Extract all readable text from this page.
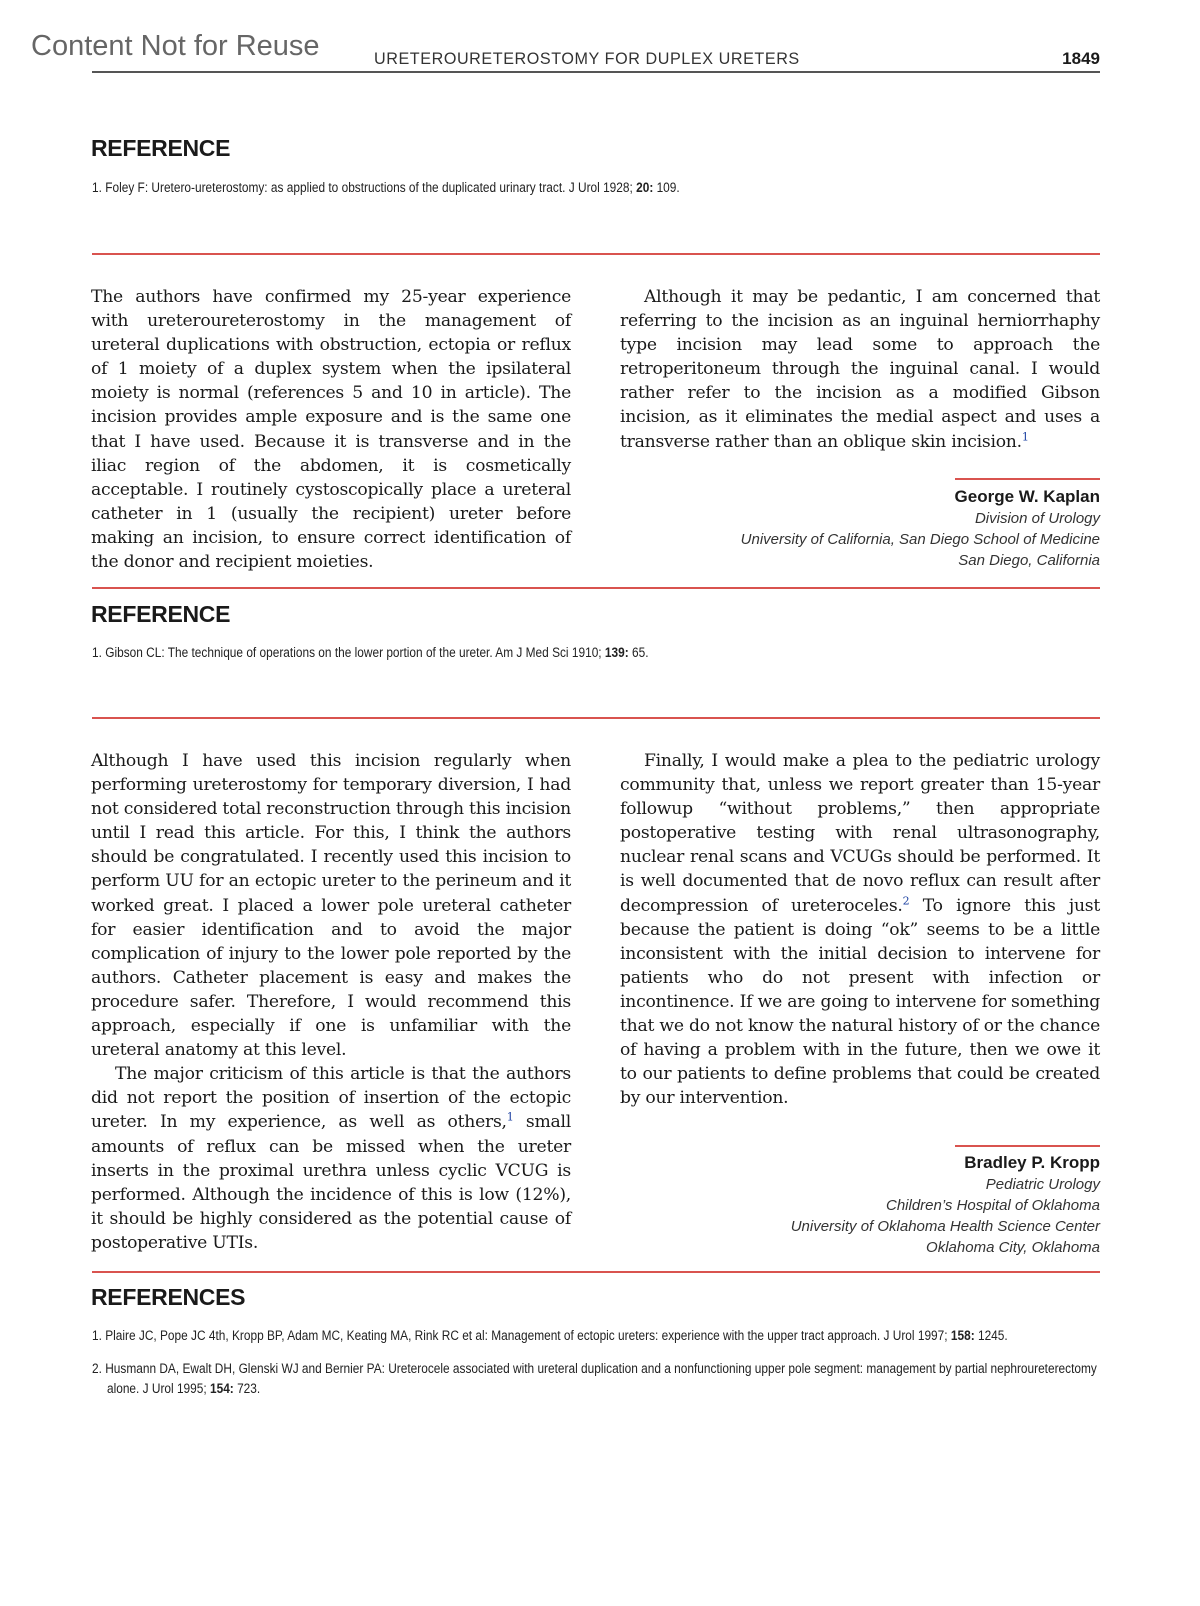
Content Not for Reuse	URETEROURETEROSTOMY FOR DUPLEX URETERS	1849
REFERENCE
1. Foley F: Uretero-ureterostomy: as applied to obstructions of the duplicated urinary tract. J Urol 1928; 20: 109.

The authors have confirmed my 25-year experience with ureteroureterostomy in the management of ureteral duplications with obstruction, ectopia or reflux of 1 moiety of a duplex system when the ipsilateral moiety is normal (references 5 and 10 in article). The incision provides ample exposure and is the same one that I have used. Because it is transverse and in the iliac region of the abdomen, it is cosmetically acceptable. I routinely cystoscopically place a ureteral catheter in 1 (usually the recipient) ureter before making an incision, to ensure correct identification of the donor and recipient moieties.

Although it may be pedantic, I am concerned that referring to the incision as an inguinal herniorrhaphy type incision may lead some to approach the retroperitoneum through the inguinal canal. I would rather refer to the incision as a modified Gibson incision, as it eliminates the medial aspect and uses a transverse rather than an oblique skin incision.$^1$

George W. Kaplan
Division of Urology
University of California, San Diego School of Medicine
San Diego, California
REFERENCE
1. Gibson CL: The technique of operations on the lower portion of the ureter. Am J Med Sci 1910; 139: 65.

Although I have used this incision regularly when performing ureterostomy for temporary diversion, I had not considered total reconstruction through this incision until I read this article. For this, I think the authors should be congratulated. I recently used this incision to perform UU for an ectopic ureter to the perineum and it worked great. I placed a lower pole ureteral catheter for easier identification and to avoid the major complication of injury to the lower pole reported by the authors. Catheter placement is easy and makes the procedure safer. Therefore, I would recommend this approach, especially if one is unfamiliar with the ureteral anatomy at this level.

The major criticism of this article is that the authors did not report the position of insertion of the ectopic ureter. In my experience, as well as others,$^1$ small amounts of reflux can be missed when the ureter inserts in the proximal urethra unless cyclic VCUG is performed. Although the incidence of this is low (12%), it should be highly considered as the potential cause of postoperative UTIs.

Finally, I would make a plea to the pediatric urology community that, unless we report greater than 15-year followup “without problems,” then appropriate postoperative testing with renal ultrasonography, nuclear renal scans and VCUGs should be performed. It is well documented that de novo reflux can result after decompression of ureteroceles.$^2$ To ignore this just because the patient is doing “ok” seems to be a little inconsistent with the initial decision to intervene for patients who do not present with infection or incontinence. If we are going to intervene for something that we do not know the natural history of or the chance of having a problem with in the future, then we owe it to our patients to define problems that could be created by our intervention.

Bradley P. Kropp
Pediatric Urology
Children’s Hospital of Oklahoma
University of Oklahoma Health Science Center
Oklahoma City, Oklahoma
REFERENCES
1. Plaire JC, Pope JC 4th, Kropp BP, Adam MC, Keating MA, Rink RC et al: Management of ectopic ureters: experience with the upper tract approach. J Urol 1997; 158: 1245.
2. Husmann DA, Ewalt DH, Glenski WJ and Bernier PA: Ureterocele associated with ureteral duplication and a nonfunctioning upper pole segment: management by partial nephroureterectomy alone. J Urol 1995; 154: 723.
